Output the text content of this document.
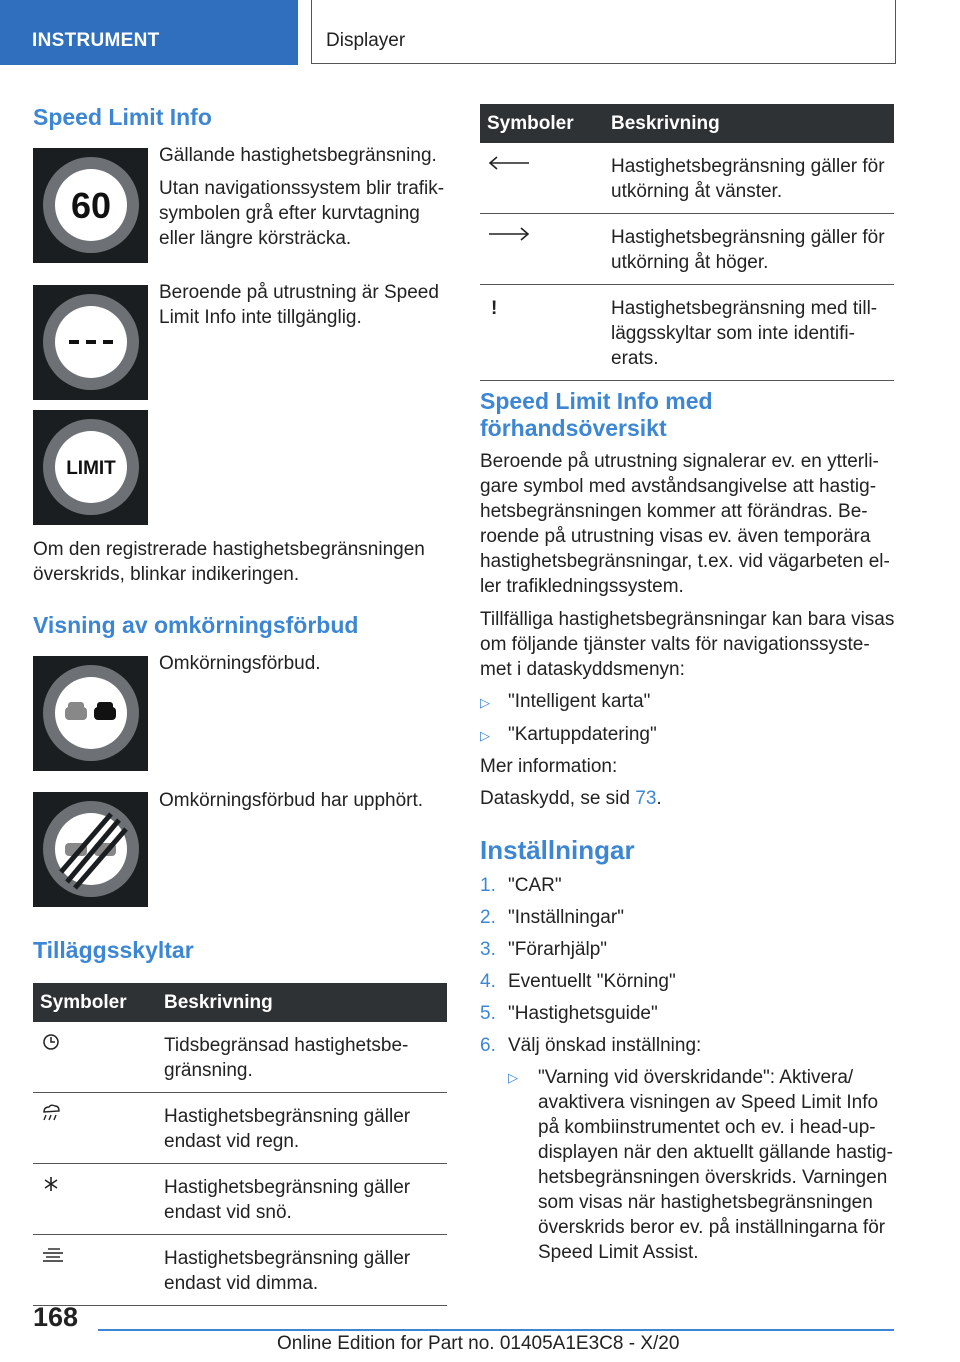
INSTRUMENT	Displayer
Speed Limit Info
60
Gällande hastighetsbegränsning.
Utan navigationssystem blir trafik-
symbolen grå efter kurvtagning
eller längre körsträcka.
Beroende på utrustning är Speed
Limit Info inte tillgänglig.
LIMIT
Om den registrerade hastighetsbegränsningen
överskrids, blinkar indikeringen.
Visning av omkörningsförbud
Omkörningsförbud.
Omkörningsförbud har upphört.
Tilläggsskyltar
Symboler	Beskrivning

Tidsbegränsad hastighetsbe-
gränsning.

Hastighetsbegränsning gäller
endast vid regn.

Hastighetsbegränsning gäller
endast vid snö.

Hastighetsbegränsning gäller
endast vid dimma.
Symboler	Beskrivning

Hastighetsbegränsning gäller för
utkörning åt vänster.

Hastighetsbegränsning gäller för
utkörning åt höger.

!	Hastighetsbegränsning med till-
läggsskyltar som inte identifi-
erats.
Speed Limit Info med
förhandsöversikt
Beroende på utrustning signalerar ev. en ytterli-
gare symbol med avståndsangivelse att hastig-
hetsbegränsningen kommer att förändras. Be-
roende på utrustning visas ev. även temporära
hastighetsbegränsningar, t.ex. vid vägarbeten el-
ler trafikledningssystem.
Tillfälliga hastighetsbegränsningar kan bara visas
om följande tjänster valts för navigationssyste-
met i dataskyddsmenyn:
▷ "Intelligent karta"
▷ "Kartuppdatering"
Mer information:
Dataskydd, se sid 73.
Inställningar
1. "CAR"
2. "Inställningar"
3. "Förarhjälp"
4. Eventuellt "Körning"
5. "Hastighetsguide"
6. Välj önskad inställning:
▷	"Varning vid överskridande": Aktivera/
avaktivera visningen av Speed Limit Info
på kombiinstrumentet och ev. i head-up-
displayen när den aktuellt gällande hastig-
hetsbegränsningen överskrids. Varningen
som visas när hastighetsbegränsningen
överskrids beror ev. på inställningarna för
Speed Limit Assist.
168
Online Edition for Part no. 01405A1E3C8 - X/20
